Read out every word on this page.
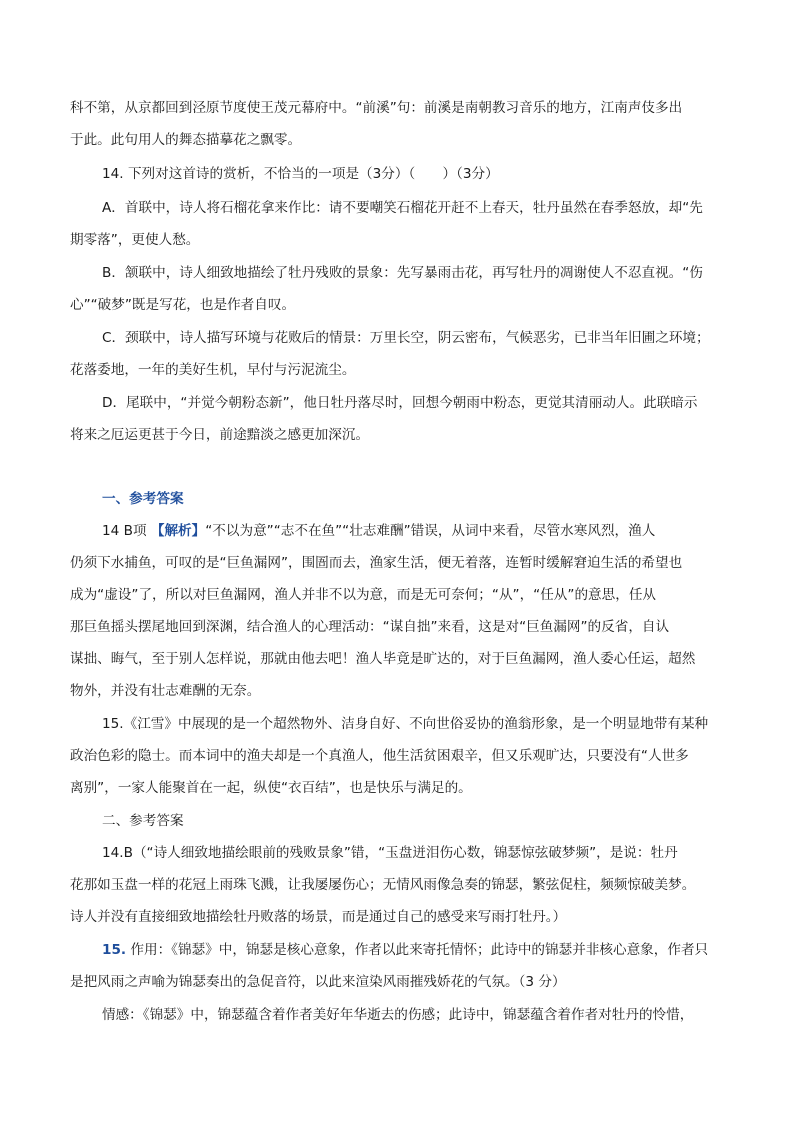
科不第，从京都回到泾原节度使王茂元幕府中。“前溪”句：前溪是南朝教习音乐的地方，江南声伎多出

于此。此句用人的舞态描摹花之飘零。

14. 下列对这首诗的赏析，不恰当的一项是（3分）（　　）（3分）

A．首联中，诗人将石榴花拿来作比：请不要嘲笑石榴花开赶不上春天，牡丹虽然在春季怒放，却“先

期零落”，更使人愁。

B．颔联中，诗人细致地描绘了牡丹残败的景象：先写暴雨击花，再写牡丹的凋谢使人不忍直视。“伤

心”“破梦”既是写花，也是作者自叹。

C．颈联中，诗人描写环境与花败后的情景：万里长空，阴云密布，气候恶劣，已非当年旧圃之环境；

花落委地，一年的美好生机，早付与污泥流尘。

D．尾联中，“并觉今朝粉态新”，他日牡丹落尽时，回想今朝雨中粉态，更觉其清丽动人。此联暗示

将来之厄运更甚于今日，前途黯淡之感更加深沉。

一、参考答案

14 B项 【解析】“不以为意”“志不在鱼”“壮志难酬”错误，从词中来看，尽管水寒风烈，渔人

仍须下水捕鱼，可叹的是“巨鱼漏网”，围圄而去，渔家生活，便无着落，连暂时缓解窘迫生活的希望也

成为“虚设”了，所以对巨鱼漏网，渔人并非不以为意，而是无可奈何；“从”，“任从”的意思，任从

那巨鱼摇头摆尾地回到深渊，结合渔人的心理活动：“谋自拙”来看，这是对“巨鱼漏网”的反省，自认

谋拙、晦气，至于别人怎样说，那就由他去吧！渔人毕竟是旷达的，对于巨鱼漏网，渔人委心任运，超然

物外，并没有壮志难酬的无奈。

15.《江雪》中展现的是一个超然物外、洁身自好、不向世俗妥协的渔翁形象，是一个明显地带有某种

政治色彩的隐士。而本词中的渔夫却是一个真渔人，他生活贫困艰辛，但又乐观旷达，只要没有“人世多

离别”，一家人能聚首在一起，纵使“衣百结”，也是快乐与满足的。

二、参考答案

14.B（“诗人细致地描绘眼前的残败景象”错，“玉盘迸泪伤心数，锦瑟惊弦破梦频”，是说：牡丹

花那如玉盘一样的花冠上雨珠飞溅，让我屡屡伤心；无情风雨像急奏的锦瑟，繁弦促柱，频频惊破美梦。

诗人并没有直接细致地描绘牡丹败落的场景，而是通过自己的感受来写雨打牡丹。）

15. 作用：《锦瑟》中，锦瑟是核心意象，作者以此来寄托情怀；此诗中的锦瑟并非核心意象，作者只

是把风雨之声喻为锦瑟奏出的急促音符，以此来渲染风雨摧残娇花的气氛。（3 分）

情感：《锦瑟》中，锦瑟蕴含着作者美好年华逝去的伤感；此诗中，锦瑟蕴含着作者对牡丹的怜惜，
